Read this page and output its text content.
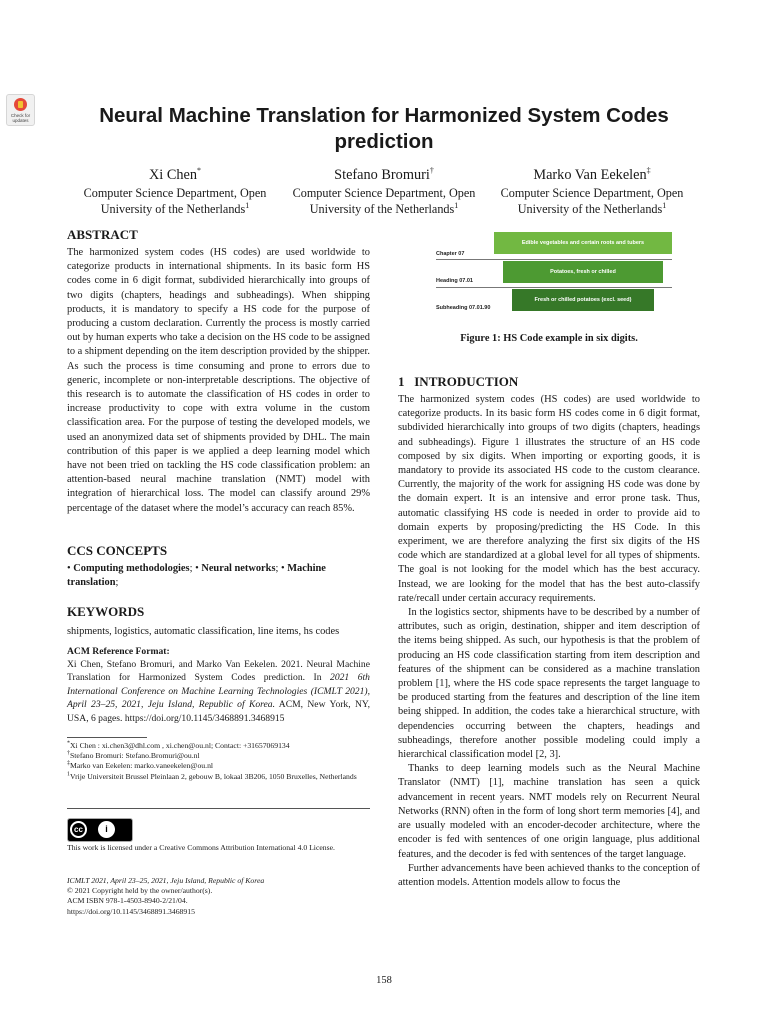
Check for updates	Neural Machine Translation for Harmonized System Codes prediction
Xi Chen*
Computer Science Department, Open University of the Netherlands$^1$
Stefano Bromuri†
Computer Science Department, Open University of the Netherlands$^1$
Marko Van Eekelen‡
Computer Science Department, Open University of the Netherlands$^1$
ABSTRACT
The harmonized system codes (HS codes) are used worldwide to categorize products in international shipments. In its basic form HS codes come in 6 digit format, subdivided hierarchically into groups of two digits (chapters, headings and subheadings). When shipping products, it is mandatory to specify a HS code for the purpose of producing a custom declaration. Currently the process is mostly carried out by human experts who take a decision on the HS code to be assigned to a shipment depending on the item description provided by the shipper. As such the process is time consuming and prone to errors due to generic, incomplete or non-interpretable descriptions. The objective of this research is to automate the classification of HS codes in order to increase productivity to cope with extra volume in the custom classification area. For the purpose of testing the developed models, we used an anonymized data set of shipments provided by DHL. The main contribution of this paper is we applied a deep learning model which have not been tried on tackling the HS code classification problem: an attention-based neural machine translation (NMT) model with integration of hierarchical loss. The model can classify around 29% percentage of the dataset where the model’s accuracy can reach 85%.
CCS CONCEPTS
• Computing methodologies; • Neural networks; • Machine translation;
KEYWORDS
shipments, logistics, automatic classification, line items, hs codes
ACM Reference Format:
Xi Chen, Stefano Bromuri, and Marko Van Eekelen. 2021. Neural Machine Translation for Harmonized System Codes prediction. In 2021 6th International Conference on Machine Learning Technologies (ICMLT 2021), April 23–25, 2021, Jeju Island, Republic of Korea. ACM, New York, NY, USA, 6 pages. https://doi.org/10.1145/3468891.3468915
*Xi Chen : xi.chen3@dhl.com , xi.chen@ou.nl; Contact: +31657069134
†Stefano Bromuri: Stefano.Bromuri@ou.nl
‡Marko van Eekelen: marko.vaneekelen@ou.nl
$^1$Vrije Universiteit Brussel Pleinlaan 2, gebouw B, lokaal 3B206, 1050 Bruxelles, Netherlands
cc	i
This work is licensed under a Creative Commons Attribution International 4.0 License.
ICMLT 2021, April 23–25, 2021, Jeju Island, Republic of Korea
© 2021 Copyright held by the owner/author(s).
ACM ISBN 978-1-4503-8940-2/21/04.
https://doi.org/10.1145/3468891.3468915
Edible vegetables and certain roots and tubers
Potatoes, fresh or chilled
Fresh or chilled potatoes (excl. seed)
Chapter 07
Heading 07.01
Subheading 07.01.90
Figure 1: HS Code example in six digits.
1 INTRODUCTION

The harmonized system codes (HS codes) are used worldwide to categorize products. In its basic form HS codes come in 6 digit format, subdivided hierarchically into groups of two digits (chapters, headings and subheadings). Figure 1 illustrates the structure of an HS code composed by six digits. When importing or exporting goods, it is mandatory to provide its associated HS code to the custom clearance. Currently, the majority of the work for assigning HS code was done by the domain expert. It is an intensive and error prone task. Thus, automatic classifying HS code is needed in order to provide aid to domain experts by proposing/predicting the HS Code. In this experiment, we are therefore analyzing the first six digits of the HS code which are standardized at a global level for all types of shipments. The goal is not looking for the model which has the best accuracy. Instead, we are looking for the model that has the best auto-classify rate/recall under certain accuracy requirements.

In the logistics sector, shipments have to be described by a number of attributes, such as origin, destination, shipper and item description of the items being shipped. As such, our hypothesis is that the problem of producing an HS code classification starting from item description and features of the shipment can be considered as a machine translation problem [1], where the HS code space represents the target language to be produced starting from the features and description of the line item being shipped. In addition, the codes take a hierarchical structure, with dependencies occurring between the chapters, headings and subheadings, therefore another possible modeling could imply a hierarchical classification model [2, 3].

Thanks to deep learning models such as the Neural Machine Translator (NMT) [1], machine translation has seen a quick advancement in recent years. NMT models rely on Recurrent Neural Networks (RNN) often in the form of long short term memories [4], and are usually modeled with an encoder-decoder architecture, where the encoder is fed with sentences of one origin language, plus additional features, and the decoder is fed with sentences of the target language.

Further advancements have been achieved thanks to the conception of attention models. Attention models allow to focus the

158
